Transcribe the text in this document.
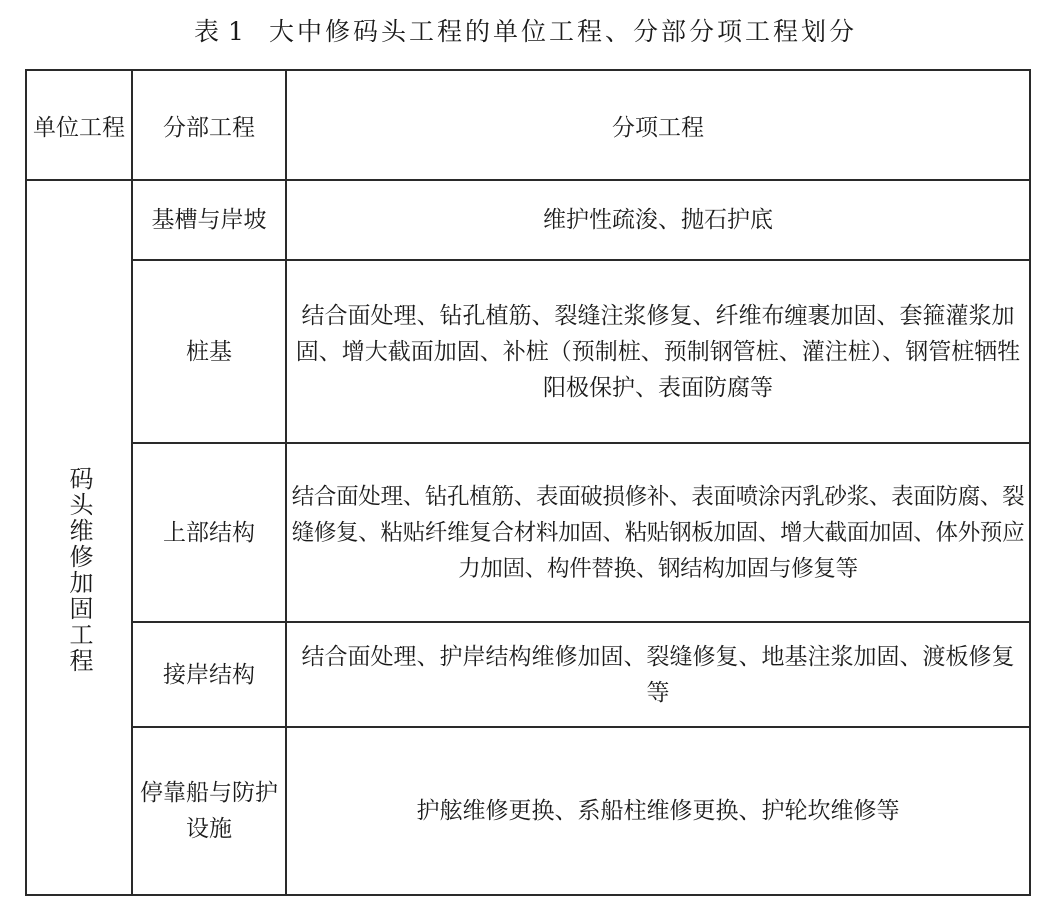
表 1 大中修码头工程的单位工程、分部分项工程划分
单位工程	分部工程	分项工程
码头维修加固工程	基槽与岸坡	维护性疏浚、抛石护底
	桩基	结合面处理、钻孔植筋、裂缝注浆修复、纤维布缠裹加固、套箍灌浆加固、增大截面加固、补桩（预制桩、预制钢管桩、灌注桩）、钢管桩牺牲阳极保护、表面防腐等
	上部结构	结合面处理、钻孔植筋、表面破损修补、表面喷涂丙乳砂浆、表面防腐、裂缝修复、粘贴纤维复合材料加固、粘贴钢板加固、增大截面加固、体外预应力加固、构件替换、钢结构加固与修复等
	接岸结构	结合面处理、护岸结构维修加固、裂缝修复、地基注浆加固、渡板修复等
	停靠船与防护设施	护舷维修更换、系船柱维修更换、护轮坎维修等
